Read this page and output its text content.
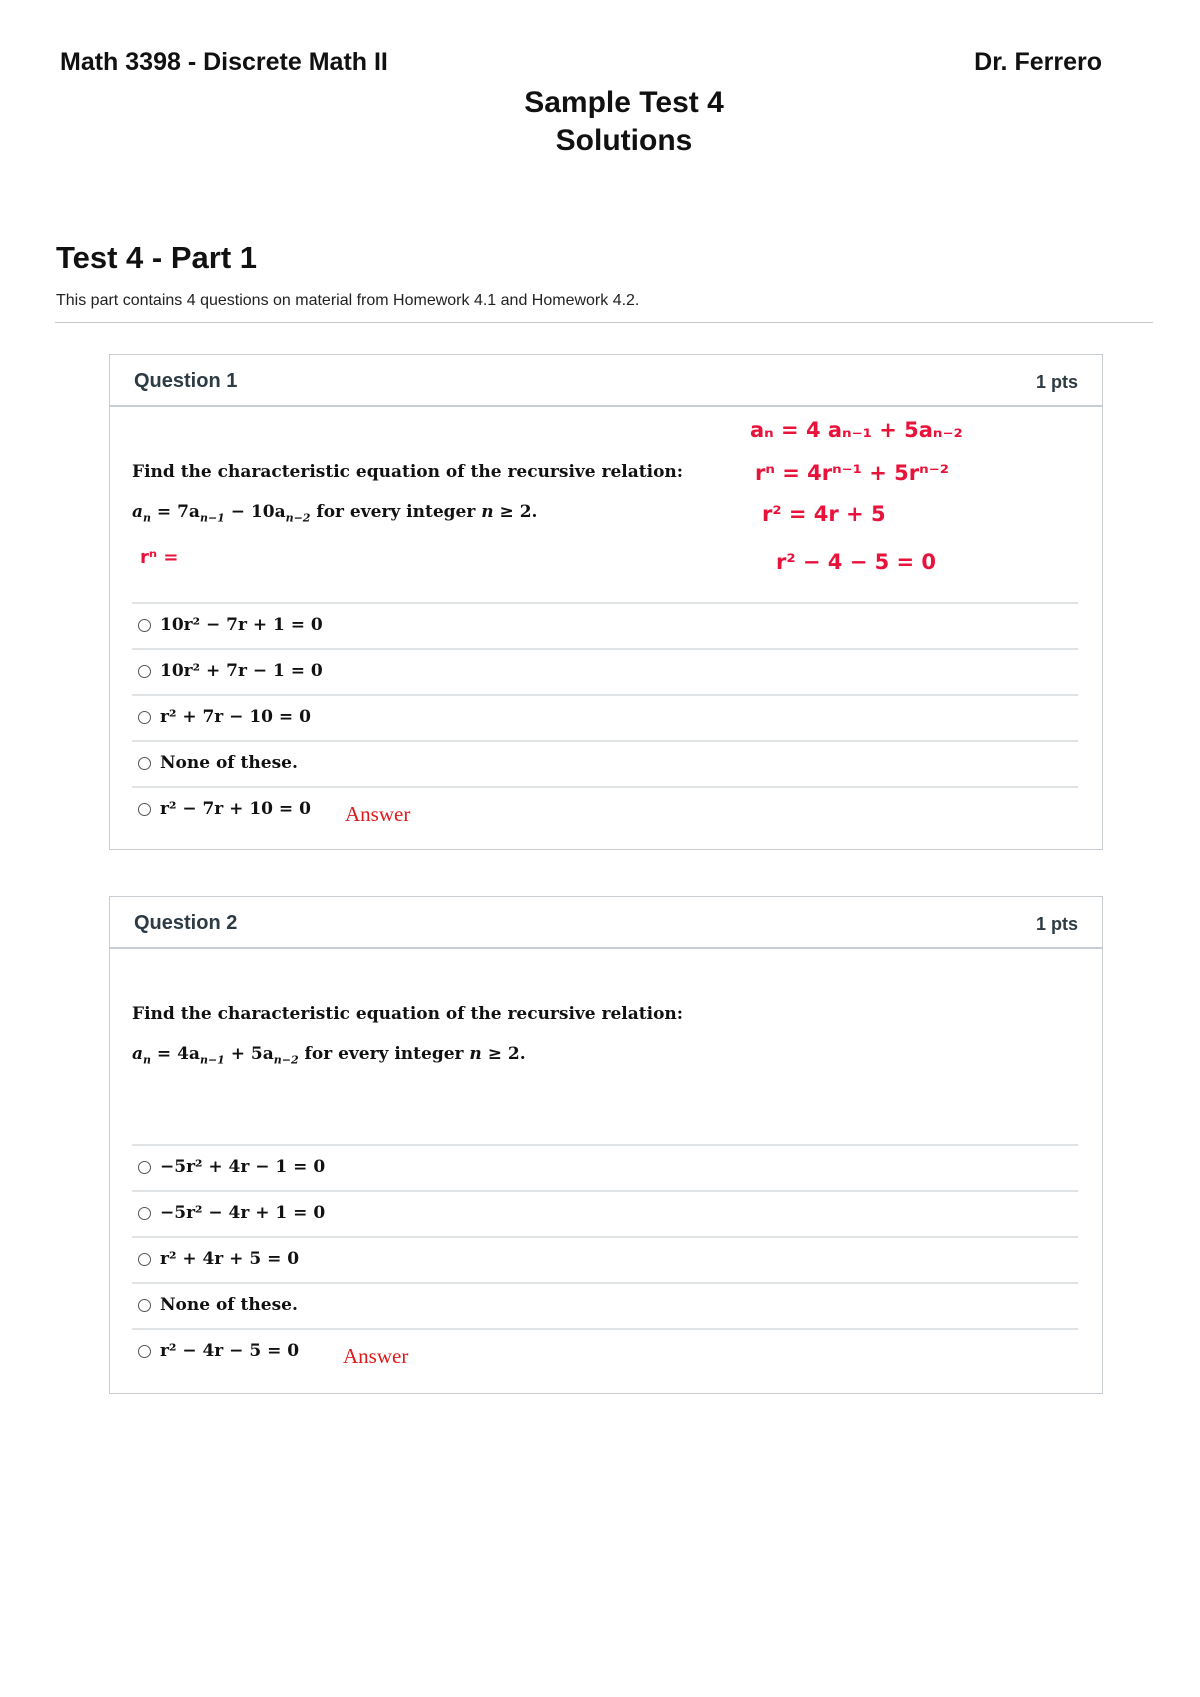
Math 3398 - Discrete Math II	Dr. Ferrero
Sample Test 4
Solutions
Test 4 - Part 1
This part contains 4 questions on material from Homework 4.1 and Homework 4.2.
Question 1	1 pts
Find the characteristic equation of the recursive relation:
$a_n = 7a_{n-1} - 10a_{n-2}$ for every integer n ≥ 2.
rⁿ =
10r² − 7r + 1 = 0
10r² + 7r − 1 = 0
r² + 7r − 10 = 0
None of these.
r² − 7r + 10 = 0 Answer
aₙ = 4 aₙ₋₁ + 5aₙ₋₂
rⁿ = 4rⁿ⁻¹ + 5rⁿ⁻²
r² = 4r + 5
r² − 4 − 5 = 0
Question 2	1 pts
Find the characteristic equation of the recursive relation:
$a_n = 4a_{n-1} + 5a_{n-2}$ for every integer n ≥ 2.
−5r² + 4r − 1 = 0
−5r² − 4r + 1 = 0
r² + 4r + 5 = 0
None of these.
r² − 4r − 5 = 0 Answer
